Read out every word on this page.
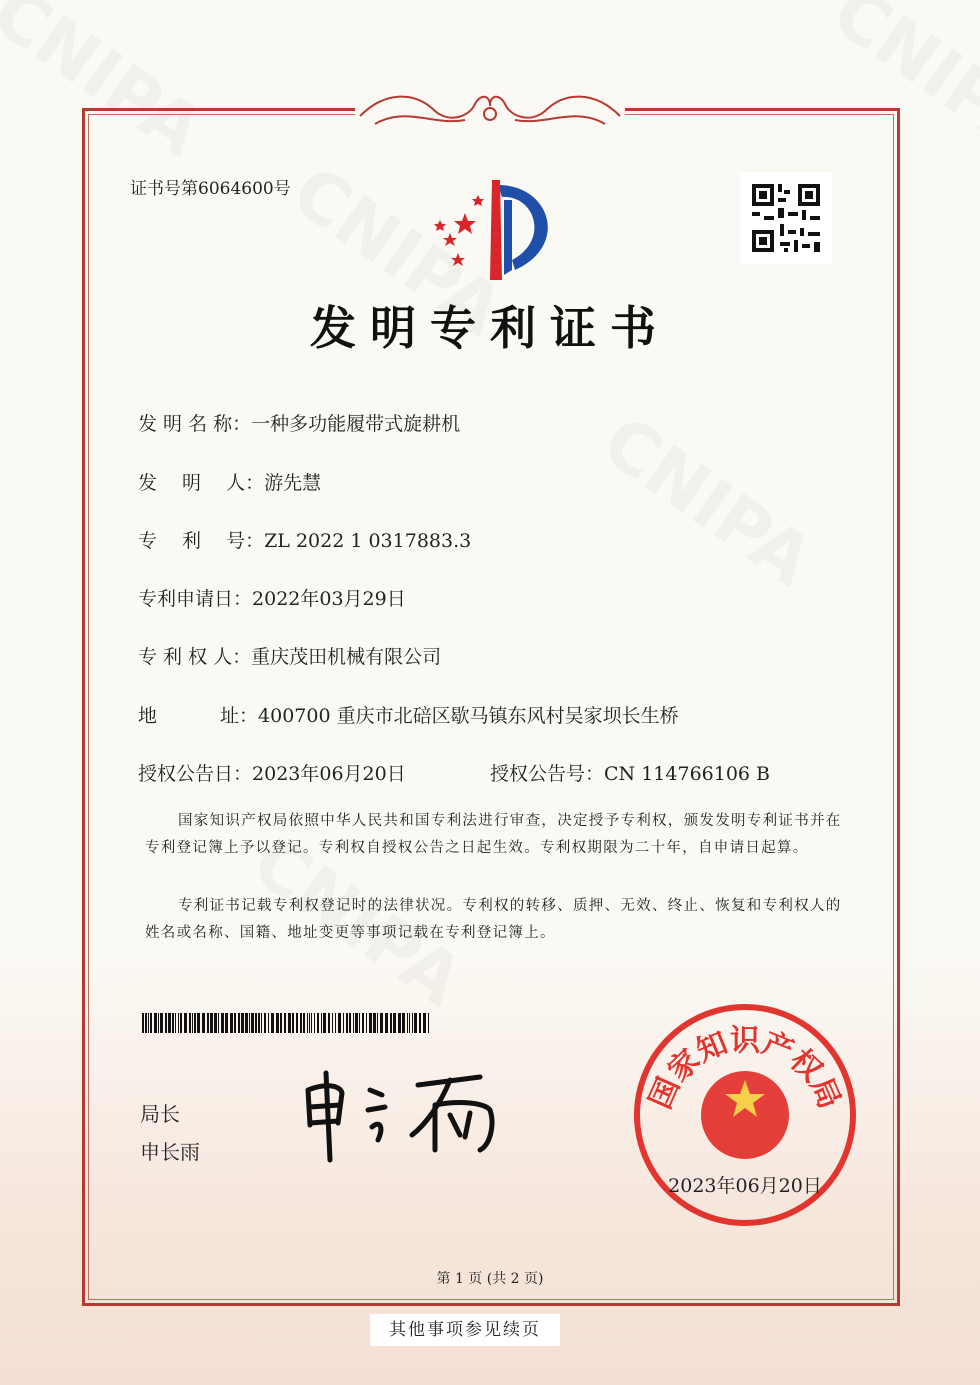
证书号第6064600号
发明专利证书
发 明 名 称：一种多功能履带式旋耕机
发　 明　 人：游先慧
专　 利　 号：ZL 2022 1 0317883.3
专利申请日：2022年03月29日
专 利 权 人：重庆茂田机械有限公司
地　　　 址：400700 重庆市北碚区歇马镇东风村吴家坝长生桥
授权公告日：2023年06月20日	授权公告号：CN 114766106 B
国家知识产权局依照中华人民共和国专利法进行审查，决定授予专利权，颁发发明专利证书并在专利登记簿上予以登记。专利权自授权公告之日起生效。专利权期限为二十年，自申请日起算。
专利证书记载专利权登记时的法律状况。专利权的转移、质押、无效、终止、恢复和专利权人的姓名或名称、国籍、地址变更等事项记载在专利登记簿上。
局长
申长雨
国家知识产权局
2023年06月20日
第 1 页 (共 2 页)
其他事项参见续页
